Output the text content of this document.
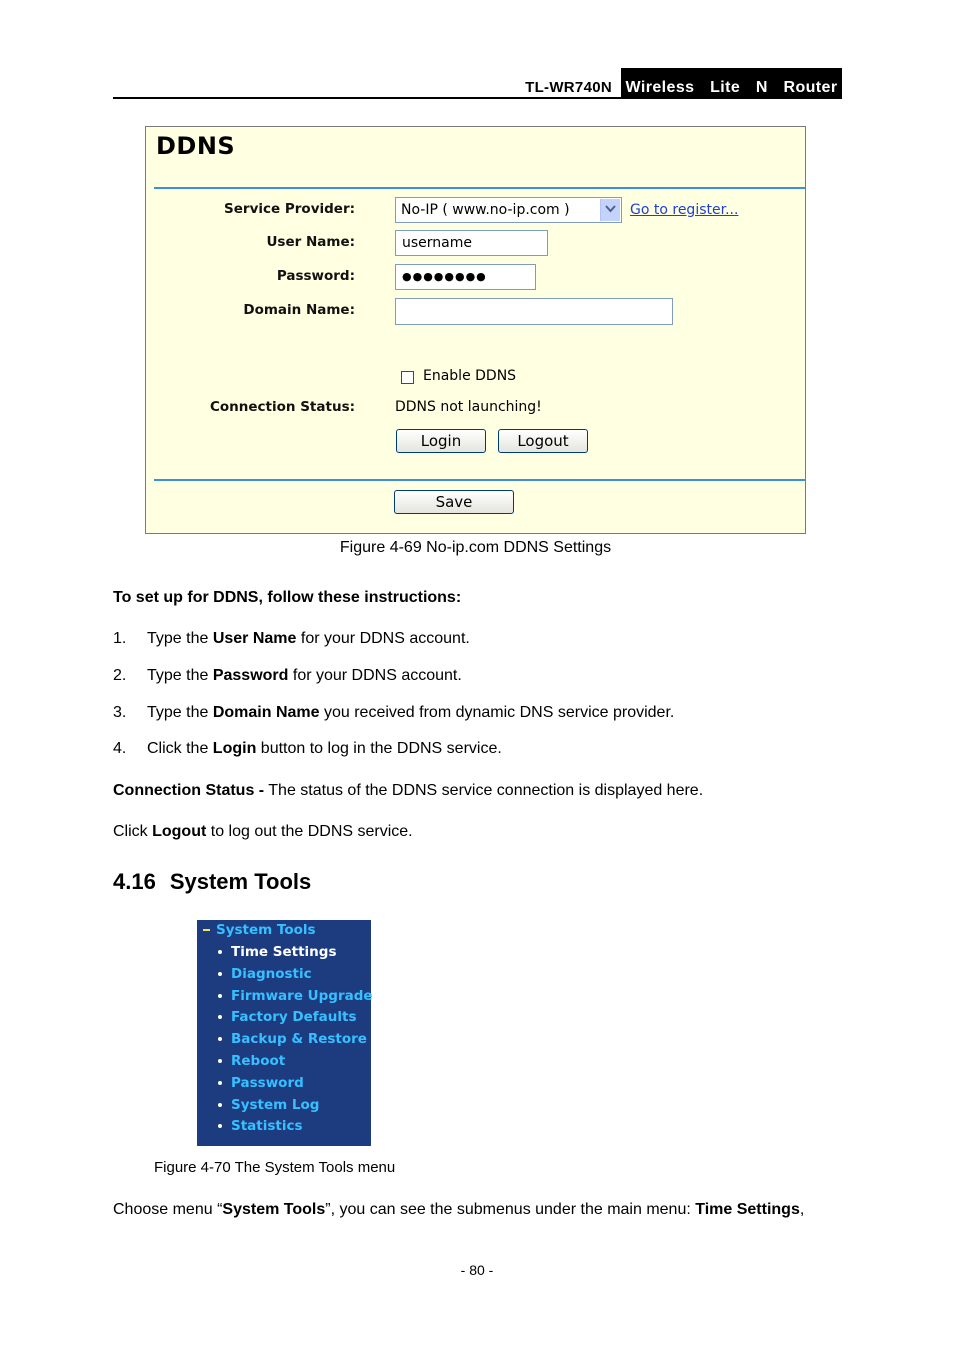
TL-WR740N Wireless  Lite  N  Router
DDNS
Service Provider:	No-IP ( www.no-ip.com )	Go to register...
User Name:	username
Password:	●●●●●●●●
Domain Name:
Enable DDNS
Connection Status:	DDNS not launching!
Login	Logout
Save
Figure 4-69 No-ip.com DDNS Settings
To set up for DDNS, follow these instructions:
1. Type the User Name for your DDNS account.
2. Type the Password for your DDNS account.
3. Type the Domain Name you received from dynamic DNS service provider.
4. Click the Login button to log in the DDNS service.
Connection Status - The status of the DDNS service connection is displayed here.
Click Logout to log out the DDNS service.
4.16 System Tools
System Tools
Time Settings
Diagnostic
Firmware Upgrade
Factory Defaults
Backup & Restore
Reboot
Password
System Log
Statistics
Figure 4-70 The System Tools menu
Choose menu “System Tools”, you can see the submenus under the main menu: Time Settings,
- 80 -
